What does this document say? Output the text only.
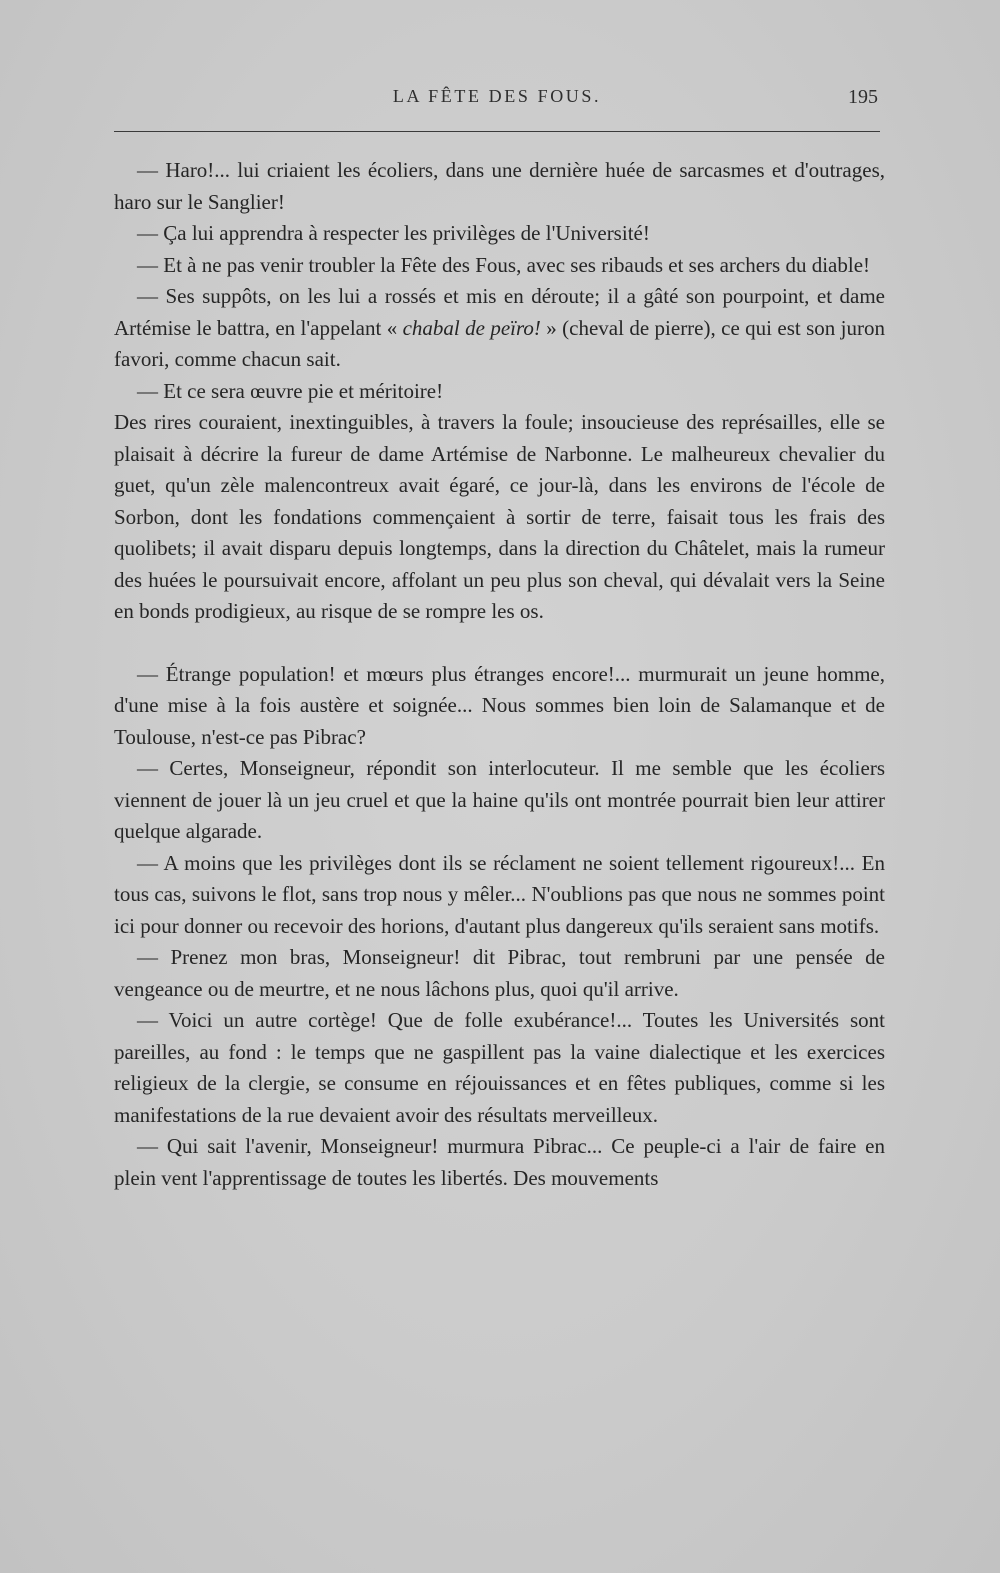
LA FÊTE DES FOUS.	195

— Haro!... lui criaient les écoliers, dans une dernière huée de sarcasmes et d'outrages, haro sur le Sanglier!

— Ça lui apprendra à respecter les privilèges de l'Université!

— Et à ne pas venir troubler la Fête des Fous, avec ses ribauds et ses archers du diable!

— Ses suppôts, on les lui a rossés et mis en déroute; il a gâté son pourpoint, et dame Artémise le battra, en l'appelant « chabal de peïro! » (cheval de pierre), ce qui est son juron favori, comme chacun sait.

— Et ce sera œuvre pie et méritoire!

Des rires couraient, inextinguibles, à travers la foule; insoucieuse des représailles, elle se plaisait à décrire la fureur de dame Artémise de Narbonne. Le malheureux chevalier du guet, qu'un zèle malencontreux avait égaré, ce jour-là, dans les environs de l'école de Sorbon, dont les fondations commençaient à sortir de terre, faisait tous les frais des quolibets; il avait disparu depuis longtemps, dans la direction du Châtelet, mais la rumeur des huées le poursuivait encore, affolant un peu plus son cheval, qui dévalait vers la Seine en bonds prodigieux, au risque de se rompre les os.

— Étrange population! et mœurs plus étranges encore!... murmurait un jeune homme, d'une mise à la fois austère et soignée... Nous sommes bien loin de Salamanque et de Toulouse, n'est-ce pas Pibrac?

— Certes, Monseigneur, répondit son interlocuteur. Il me semble que les écoliers viennent de jouer là un jeu cruel et que la haine qu'ils ont montrée pourrait bien leur attirer quelque algarade.

— A moins que les privilèges dont ils se réclament ne soient tellement rigoureux!... En tous cas, suivons le flot, sans trop nous y mêler... N'oublions pas que nous ne sommes point ici pour donner ou recevoir des horions, d'autant plus dangereux qu'ils seraient sans motifs.

— Prenez mon bras, Monseigneur! dit Pibrac, tout rembruni par une pensée de vengeance ou de meurtre, et ne nous lâchons plus, quoi qu'il arrive.

— Voici un autre cortège! Que de folle exubérance!... Toutes les Universités sont pareilles, au fond : le temps que ne gaspillent pas la vaine dialectique et les exercices religieux de la clergie, se consume en réjouissances et en fêtes publiques, comme si les manifestations de la rue devaient avoir des résultats merveilleux.

— Qui sait l'avenir, Monseigneur! murmura Pibrac... Ce peuple-ci a l'air de faire en plein vent l'apprentissage de toutes les libertés. Des mouvements
